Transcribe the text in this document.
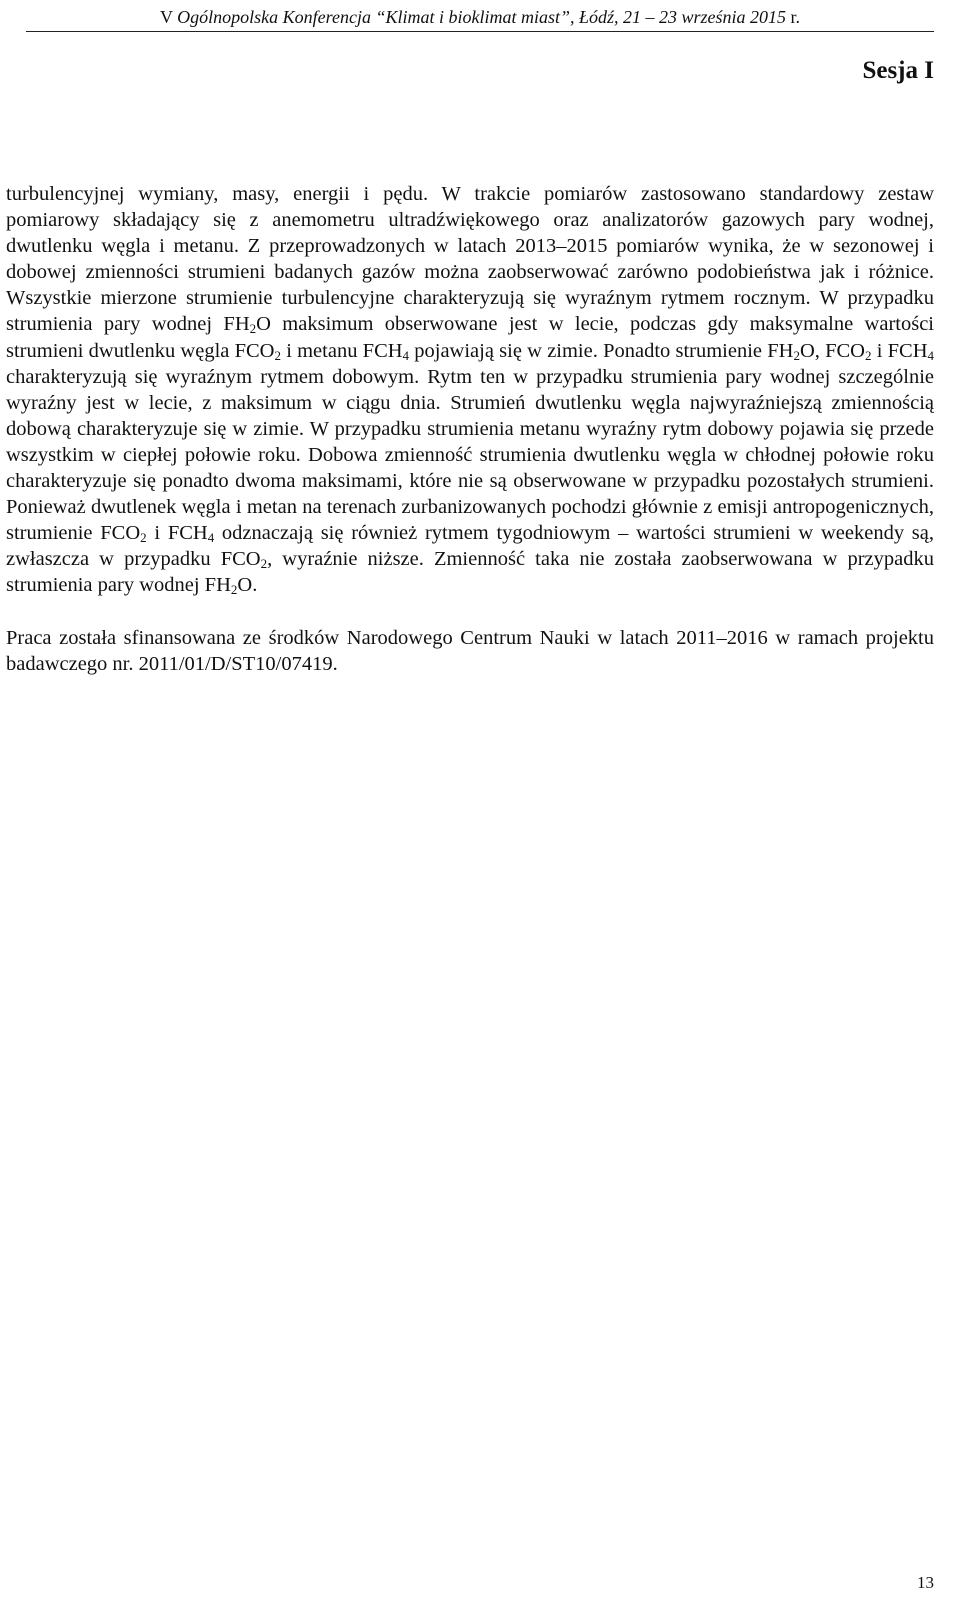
V Ogólnopolska Konferencja “Klimat i bioklimat miast”, Łódź, 21 – 23 września 2015 r.
Sesja I

turbulencyjnej wymiany, masy, energii i pędu. W trakcie pomiarów zastosowano standardowy zestaw pomiarowy składający się z anemometru ultradźwiękowego oraz analizatorów gazowych pary wodnej, dwutlenku węgla i metanu. Z przeprowadzonych w latach 2013–2015 pomiarów wynika, że w sezonowej i dobowej zmienności strumieni badanych gazów można zaobserwować zarówno podobieństwa jak i różnice. Wszystkie mierzone strumienie turbulencyjne charakteryzują się wyraźnym rytmem rocznym. W przypadku strumienia pary wodnej $FH_2O$ maksimum obserwowane jest w lecie, podczas gdy maksymalne wartości strumieni dwutlenku węgla $FCO_2$ i metanu $FCH_4$ pojawiają się w zimie. Ponadto strumienie $FH_2O$, $FCO_2$ i $FCH_4$ charakteryzują się wyraźnym rytmem dobowym. Rytm ten w przypadku strumienia pary wodnej szczególnie wyraźny jest w lecie, z maksimum w ciągu dnia. Strumień dwutlenku węgla najwyraźniejszą zmiennością dobową charakteryzuje się w zimie. W przypadku strumienia metanu wyraźny rytm dobowy pojawia się przede wszystkim w ciepłej połowie roku. Dobowa zmienność strumienia dwutlenku węgla w chłodnej połowie roku charakteryzuje się ponadto dwoma maksimami, które nie są obserwowane w przypadku pozostałych strumieni. Ponieważ dwutlenek węgla i metan na terenach zurbanizowanych pochodzi głównie z emisji antropogenicznych, strumienie $FCO_2$ i $FCH_4$ odznaczają się również rytmem tygodniowym – wartości strumieni w weekendy są, zwłaszcza w przypadku $FCO_2$, wyraźnie niższe. Zmienność taka nie została zaobserwowana w przypadku strumienia pary wodnej $FH_2O$.

Praca została sfinansowana ze środków Narodowego Centrum Nauki w latach 2011–2016 w ramach projektu badawczego nr. 2011/01/D/ST10/07419.

13
